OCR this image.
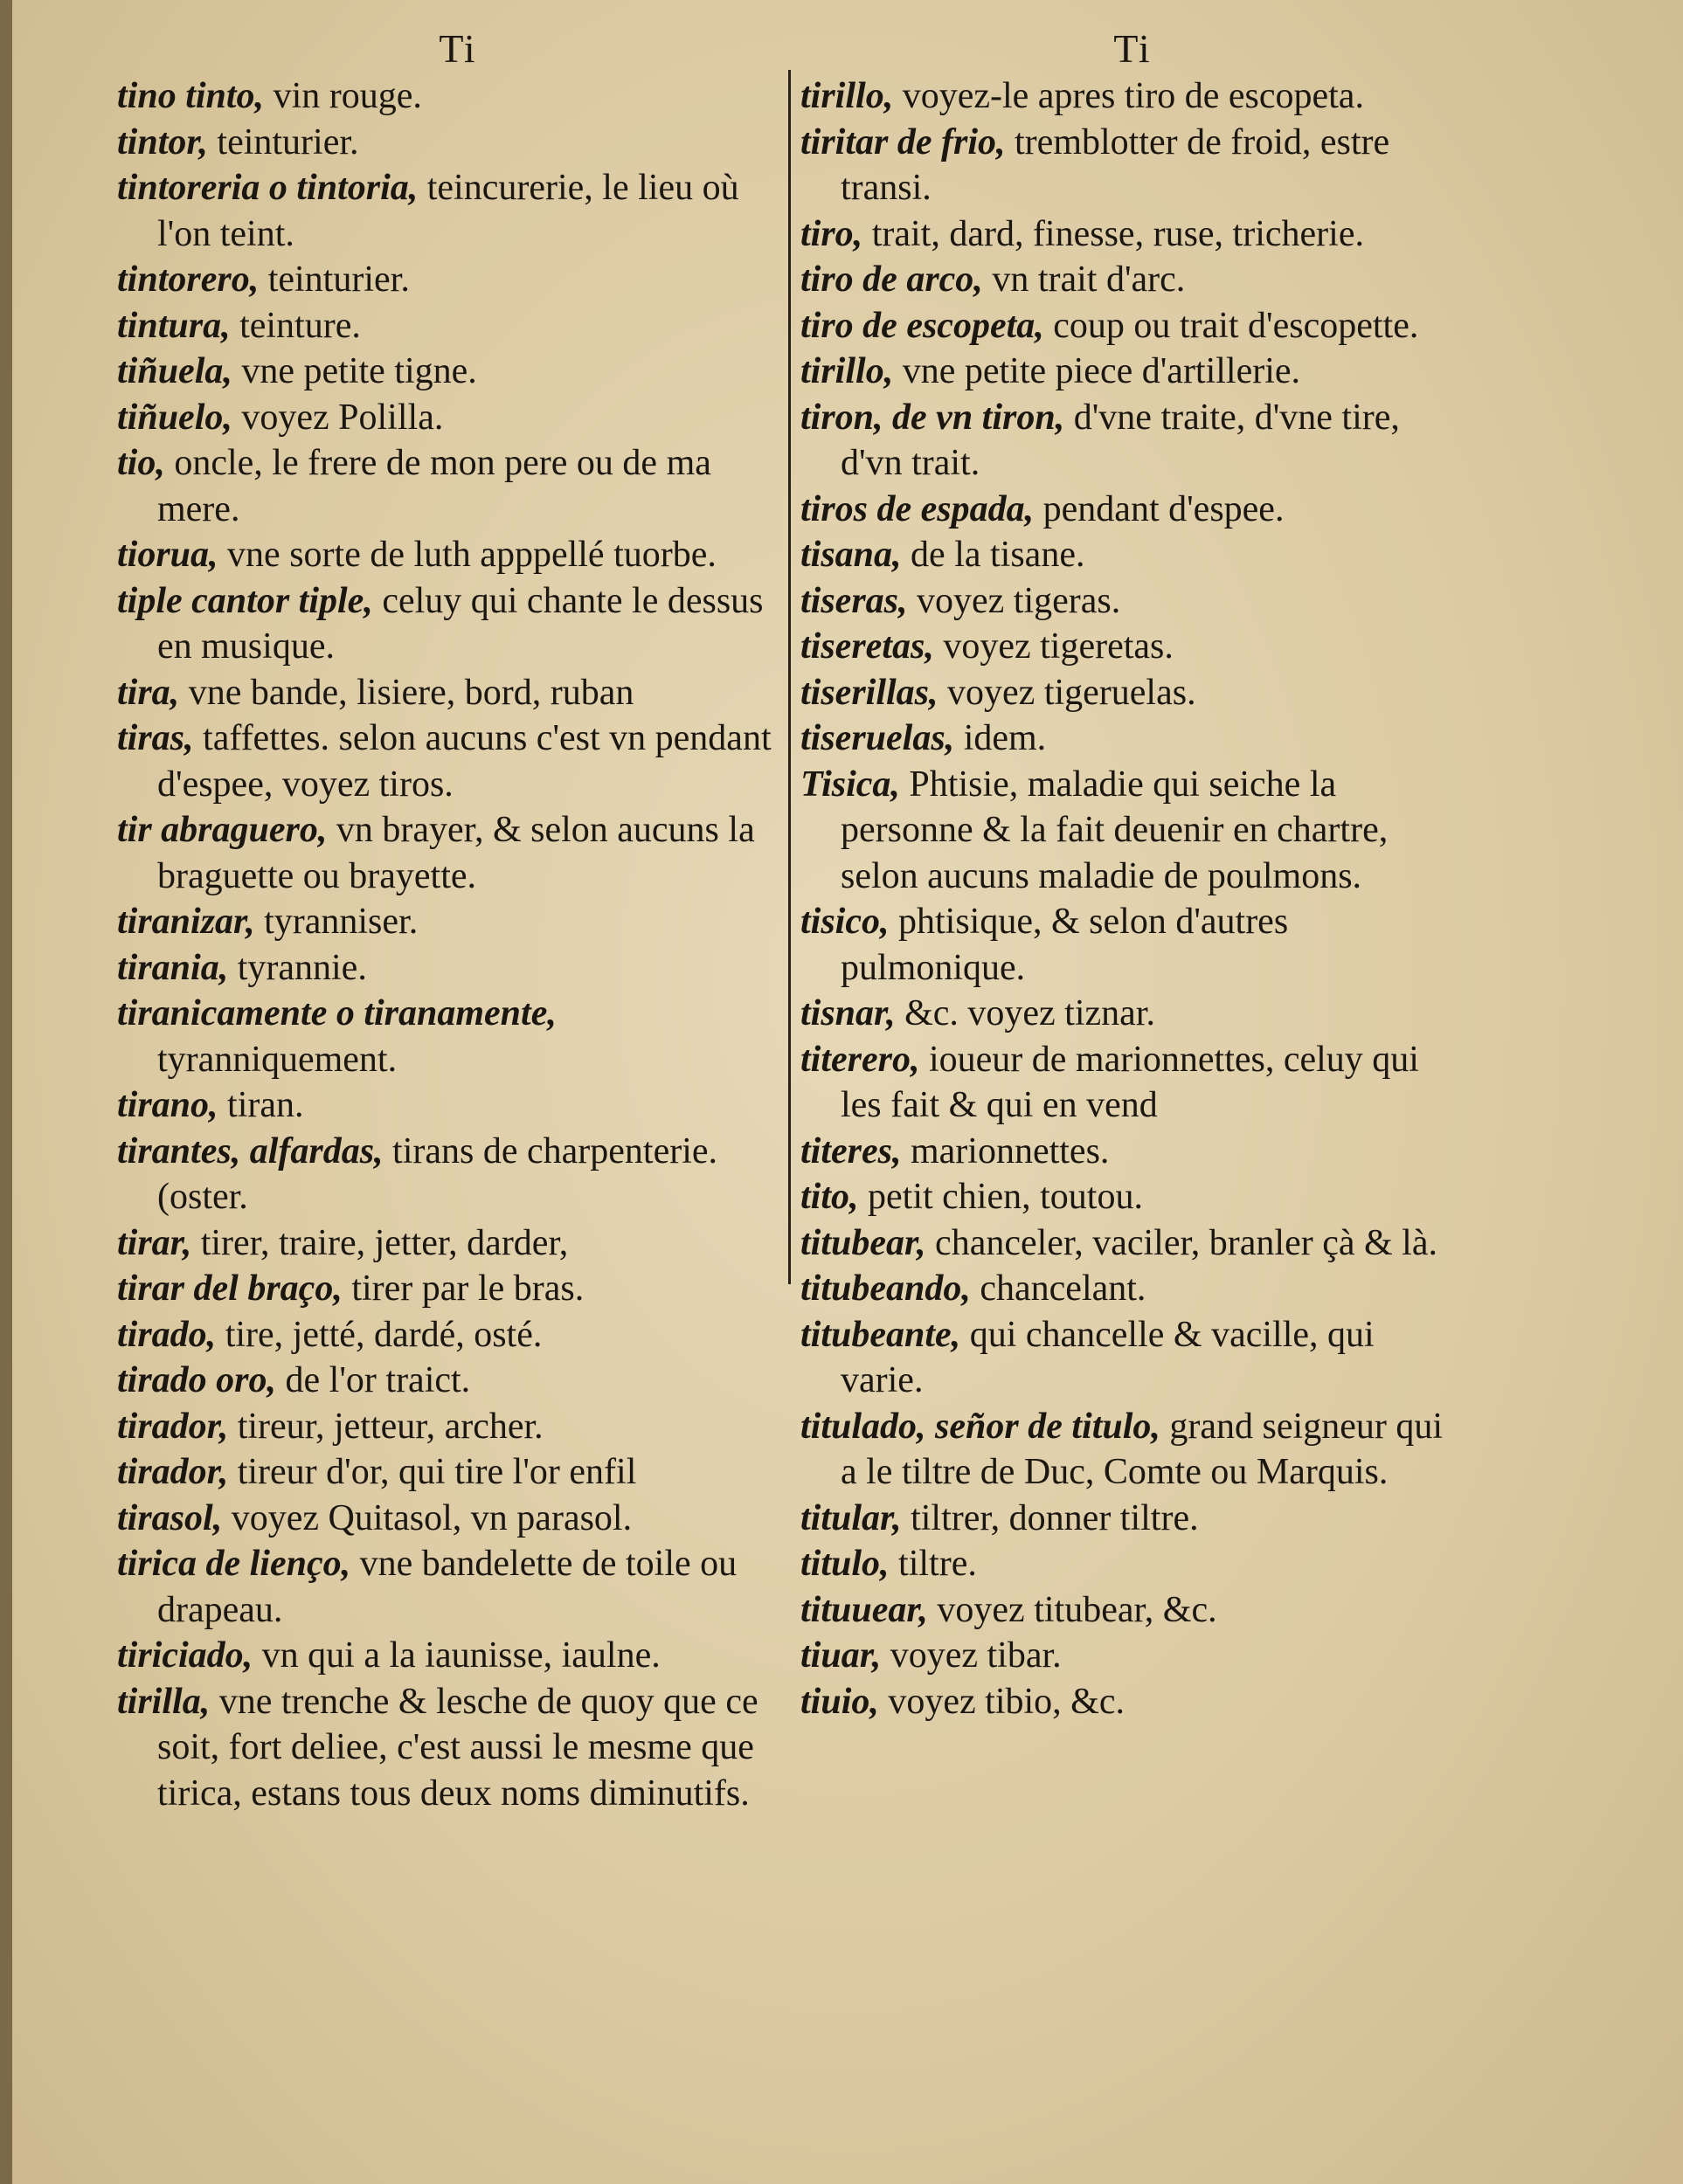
Ti

tino tinto, vin rouge.

tintor, teinturier.

tintoreria o tintoria, teincurerie, le lieu où l'on teint.

tintorero, teinturier.

tintura, teinture.

tiñuela, vne petite tigne.

tiñuelo, voyez Polilla.

tio, oncle, le frere de mon pere ou de ma mere.

tiorua, vne sorte de luth apppellé tuorbe.

tiple cantor tiple, celuy qui chante le dessus en musique.

tira, vne bande, lisiere, bord, ruban

tiras, taffettes. selon aucuns c'est vn pendant d'espee, voyez tiros.

tir abraguero, vn brayer, & selon aucuns la braguette ou brayette.

tiranizar, tyranniser.

tirania, tyrannie.

tiranicamente o tiranamente, tyranniquement.

tirano, tiran.

tirantes, alfardas, tirans de charpenterie. (oster.

tirar, tirer, traire, jetter, darder,

tirar del braço, tirer par le bras.

tirado, tire, jetté, dardé, osté.

tirado oro, de l'or traict.

tirador, tireur, jetteur, archer.

tirador, tireur d'or, qui tire l'or enfil

tirasol, voyez Quitasol, vn parasol.

tirica de lienço, vne bandelette de toile ou drapeau.

tiriciado, vn qui a la iaunisse, iaulne.

tirilla, vne trenche & lesche de quoy que ce soit, fort deliee, c'est aussi le mesme que tirica, estans tous deux noms diminutifs.

Ti

tirillo, voyez-le apres tiro de escopeta.

tiritar de frio, tremblotter de froid, estre transi.

tiro, trait, dard, finesse, ruse, tricherie.

tiro de arco, vn trait d'arc.

tiro de escopeta, coup ou trait d'escopette.

tirillo, vne petite piece d'artillerie.

tiron, de vn tiron, d'vne traite, d'vne tire, d'vn trait.

tiros de espada, pendant d'espee.

tisana, de la tisane.

tiseras, voyez tigeras.

tiseretas, voyez tigeretas.

tiserillas, voyez tigeruelas.

tiseruelas, idem.

Tisica, Phtisie, maladie qui seiche la personne & la fait deuenir en chartre, selon aucuns maladie de poulmons.

tisico, phtisique, & selon d'autres pulmonique.

tisnar, &c. voyez tiznar.

titerero, ioueur de marionnettes, celuy qui les fait & qui en vend

titeres, marionnettes.

tito, petit chien, toutou.

titubear, chanceler, vaciler, branler çà & là.

titubeando, chancelant.

titubeante, qui chancelle & vacille, qui varie.

titulado, señor de titulo, grand seigneur qui a le tiltre de Duc, Comte ou Marquis.

titular, tiltrer, donner tiltre.

titulo, tiltre.

tituuear, voyez titubear, &c.

tiuar, voyez tibar.

tiuio, voyez tibio, &c.
